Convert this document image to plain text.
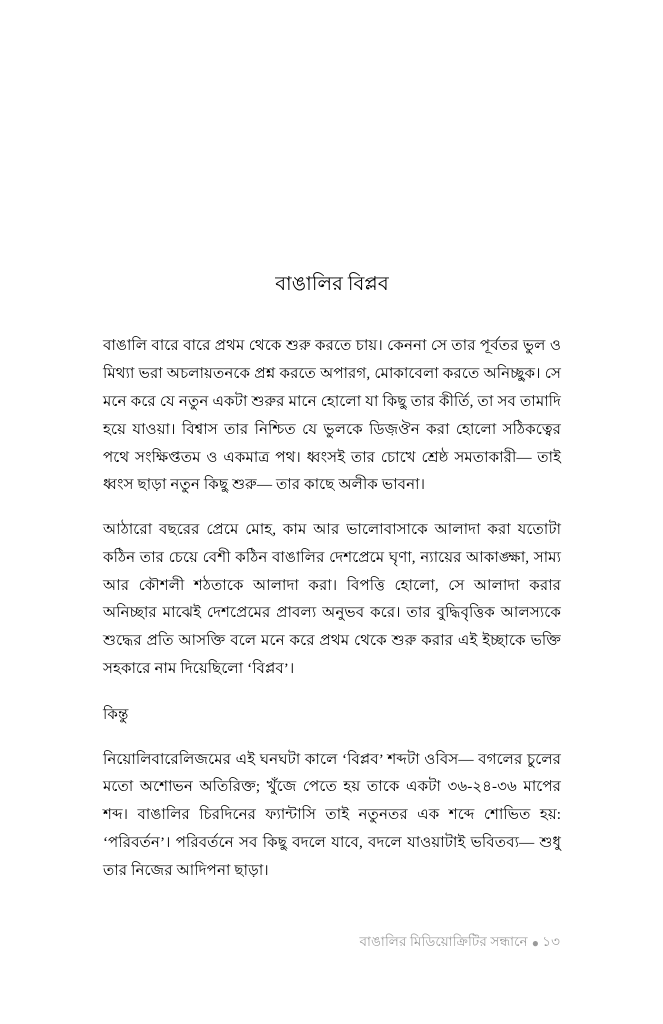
বাঙালির বিপ্লব

বাঙালি বারে বারে প্রথম থেকে শুরু করতে চায়। কেননা সে তার পূর্বতর ভুল ও মিথ্যা ভরা অচলায়তনকে প্রশ্ন করতে অপারগ, মোকাবেলা করতে অনিচ্ছুক। সে মনে করে যে নতুন একটা শুরুর মানে হোলো যা কিছু তার কীর্তি, তা সব তামাদি হয়ে যাওয়া। বিশ্বাস তার নিশ্চিত যে ভুলকে ডিজ়ঔন করা হোলো সঠিকত্বের পথে সংক্ষিপ্ততম ও একমাত্র পথ। ধ্বংসই তার চোখে শ্রেষ্ঠ সমতাকারী— তাই ধ্বংস ছাড়া নতুন কিছু শুরু— তার কাছে অলীক ভাবনা।

আঠারো বছরের প্রেমে মোহ, কাম আর ভালোবাসাকে আলাদা করা যতোটা কঠিন তার চেয়ে বেশী কঠিন বাঙালির দেশপ্রেমে ঘৃণা, ন্যায়ের আকাঙ্ক্ষা, সাম্য আর কৌশলী শঠতাকে আলাদা করা। বিপত্তি হোলো, সে আলাদা করার অনিচ্ছার মাঝেই দেশপ্রেমের প্রাবল্য অনুভব করে। তার বুদ্ধিবৃত্তিক আলস্যকে শুদ্ধের প্রতি আসক্তি বলে মনে করে প্রথম থেকে শুরু করার এই ইচ্ছাকে ভক্তি সহকারে নাম দিয়েছিলো ‘বিপ্লব’।

কিন্তু

নিয়োলিবারেলিজমের এই ঘনঘটা কালে ‘বিপ্লব’ শব্দটা ওবিস— বগলের চুলের মতো অশোভন অতিরিক্ত; খুঁজে পেতে হয় তাকে একটা ৩৬-২৪-৩৬ মাপের শব্দ। বাঙালির চিরদিনের ফ্যান্টাসি তাই নতুনতর এক শব্দে শোভিত হয়: ‘পরিবর্তন’। পরিবর্তনে সব কিছু বদলে যাবে, বদলে যাওয়াটাই ভবিতব্য— শুধু তার নিজের আদিপনা ছাড়া।

বাঙালির মিডিয়োক্রিটির সন্ধানে ● ১৩
